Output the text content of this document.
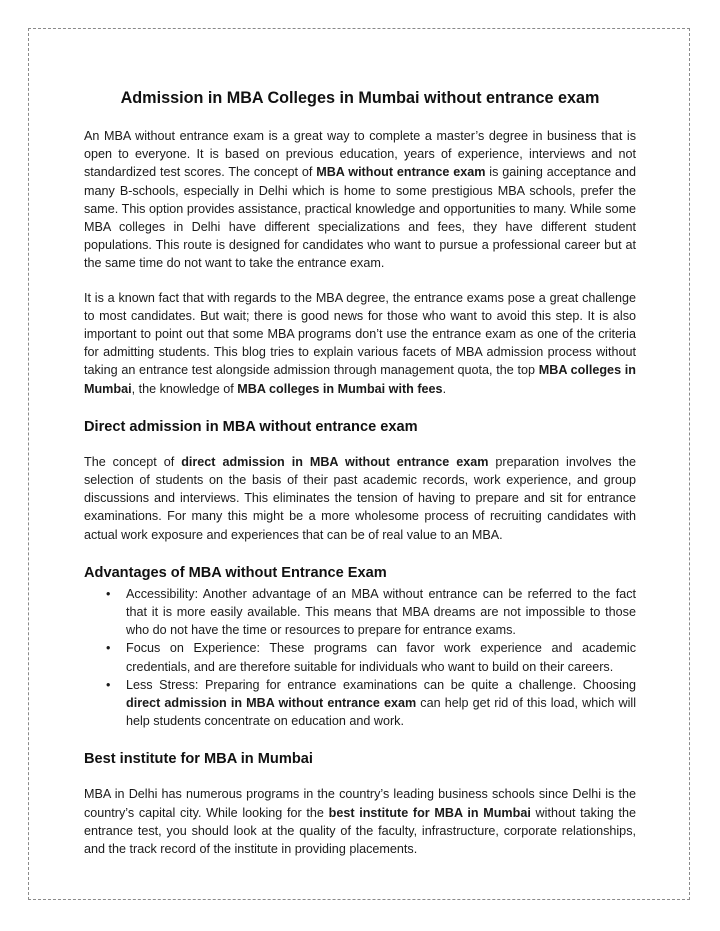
Admission in MBA Colleges in Mumbai without entrance exam

An MBA without entrance exam is a great way to complete a master’s degree in business that is open to everyone. It is based on previous education, years of experience, interviews and not standardized test scores. The concept of MBA without entrance exam is gaining acceptance and many B-schools, especially in Delhi which is home to some prestigious MBA schools, prefer the same. This option provides assistance, practical knowledge and opportunities to many. While some MBA colleges in Delhi have different specializations and fees, they have different student populations. This route is designed for candidates who want to pursue a professional career but at the same time do not want to take the entrance exam.

It is a known fact that with regards to the MBA degree, the entrance exams pose a great challenge to most candidates. But wait; there is good news for those who want to avoid this step. It is also important to point out that some MBA programs don’t use the entrance exam as one of the criteria for admitting students. This blog tries to explain various facets of MBA admission process without taking an entrance test alongside admission through management quota, the top MBA colleges in Mumbai, the knowledge of MBA colleges in Mumbai with fees.

Direct admission in MBA without entrance exam

The concept of direct admission in MBA without entrance exam preparation involves the selection of students on the basis of their past academic records, work experience, and group discussions and interviews. This eliminates the tension of having to prepare and sit for entrance examinations. For many this might be a more wholesome process of recruiting candidates with actual work exposure and experiences that can be of real value to an MBA.

Advantages of MBA without Entrance Exam
• Accessibility: Another advantage of an MBA without entrance can be referred to the fact that it is more easily available. This means that MBA dreams are not impossible to those who do not have the time or resources to prepare for entrance exams.
• Focus on Experience: These programs can favor work experience and academic credentials, and are therefore suitable for individuals who want to build on their careers.
• Less Stress: Preparing for entrance examinations can be quite a challenge. Choosing direct admission in MBA without entrance exam can help get rid of this load, which will help students concentrate on education and work.
Best institute for MBA in Mumbai

MBA in Delhi has numerous programs in the country’s leading business schools since Delhi is the country’s capital city. While looking for the best institute for MBA in Mumbai without taking the entrance test, you should look at the quality of the faculty, infrastructure, corporate relationships, and the track record of the institute in providing placements.
